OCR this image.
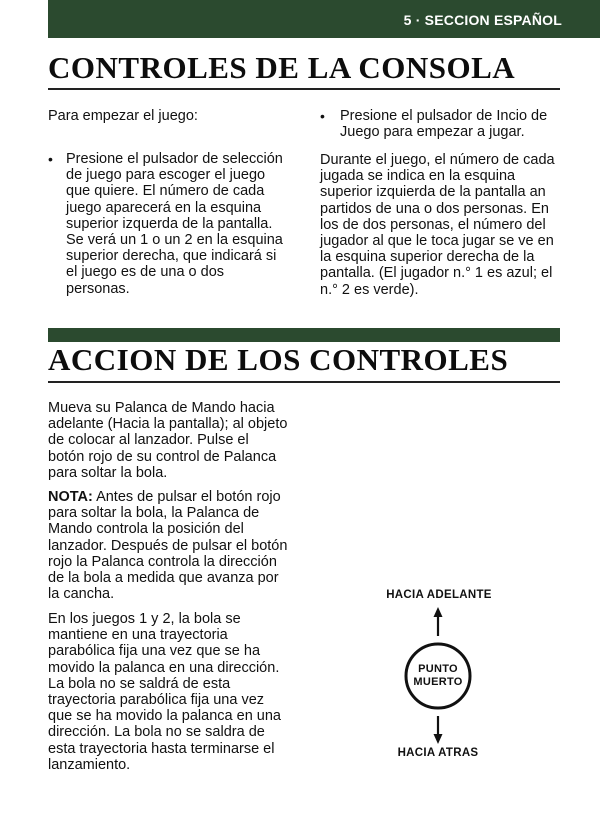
5 · SECCION ESPAÑOL
CONTROLES DE LA CONSOLA

Para empezar el juego:

• Presione el pulsador de selección de juego para escoger el juego que quiere. El número de cada juego aparecerá en la esquina superior izquerda de la pantalla. Se verá un 1 o un 2 en la esquina superior derecha, que indicará si el juego es de una o dos personas.

• Presione el pulsador de Incio de Juego para empezar a jugar.

Durante el juego, el número de cada jugada se indica en la esquina superior izquierda de la pantalla an partidos de una o dos personas. En los de dos personas, el número del jugador al que le toca jugar se ve en la esquina superior derecha de la pantalla. (El jugador n.° 1 es azul; el n.° 2 es verde).

ACCION DE LOS CONTROLES

Mueva su Palanca de Mando hacia adelante (Hacia la pantalla); al objeto de colocar al lanzador. Pulse el botón rojo de su control de Palanca para soltar la bola.

NOTA: Antes de pulsar el botón rojo para soltar la bola, la Palanca de Mando controla la posición del lanzador. Después de pulsar el botón rojo la Palanca controla la dirección de la bola a medida que avanza por la cancha.

En los juegos 1 y 2, la bola se mantiene en una trayectoria parabólica fija una vez que se ha movido la palanca en una dirección. La bola no se saldrá de esta trayectoria parabólica fija una vez que se ha movido la palanca en una dirección. La bola no se saldra de esta trayectoria hasta terminarse el lanzamiento.

HACIA ADELANTE
PUNTO
MUERTO
HACIA ATRAS
